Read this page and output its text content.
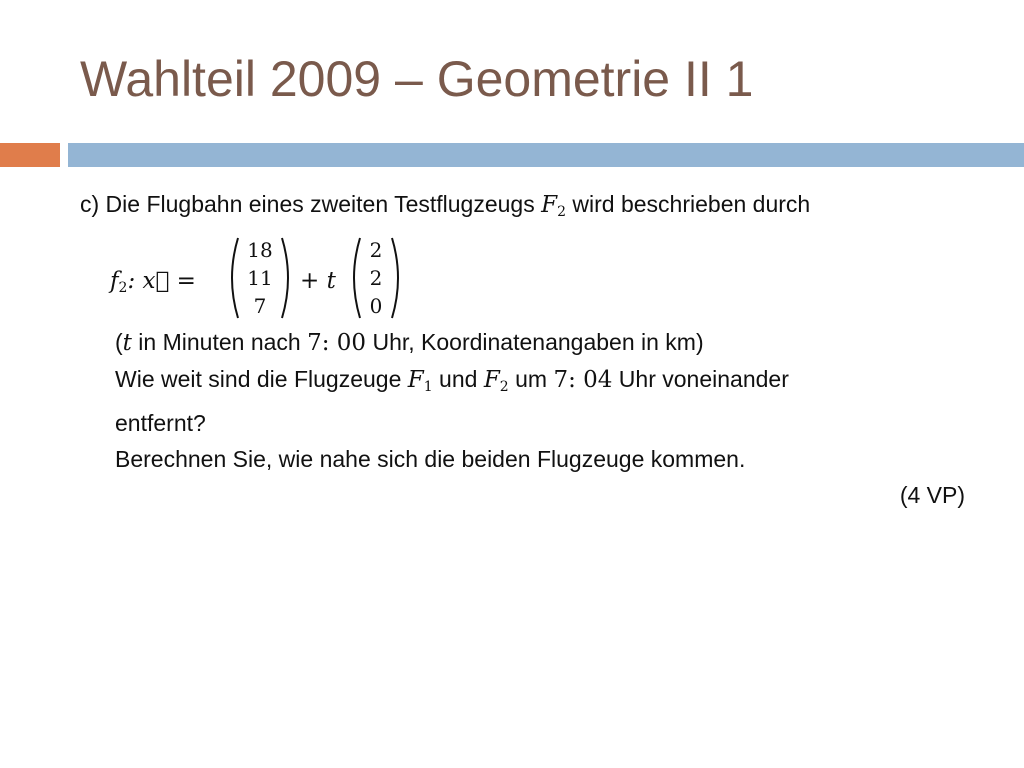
Wahlteil 2009 – Geometrie II 1
c) Die Flugbahn eines zweiten Testflugzeugs $F_2$ wird beschrieben durch
$f_2$: x⃗ =
18
11
7
+ t
2
2
0
(t in Minuten nach 7: 00 Uhr, Koordinatenangaben in km)
Wie weit sind die Flugzeuge $F_1$ und $F_2$ um 7: 04 Uhr voneinander
entfernt?
Berechnen Sie, wie nahe sich die beiden Flugzeuge kommen.
(4 VP)
